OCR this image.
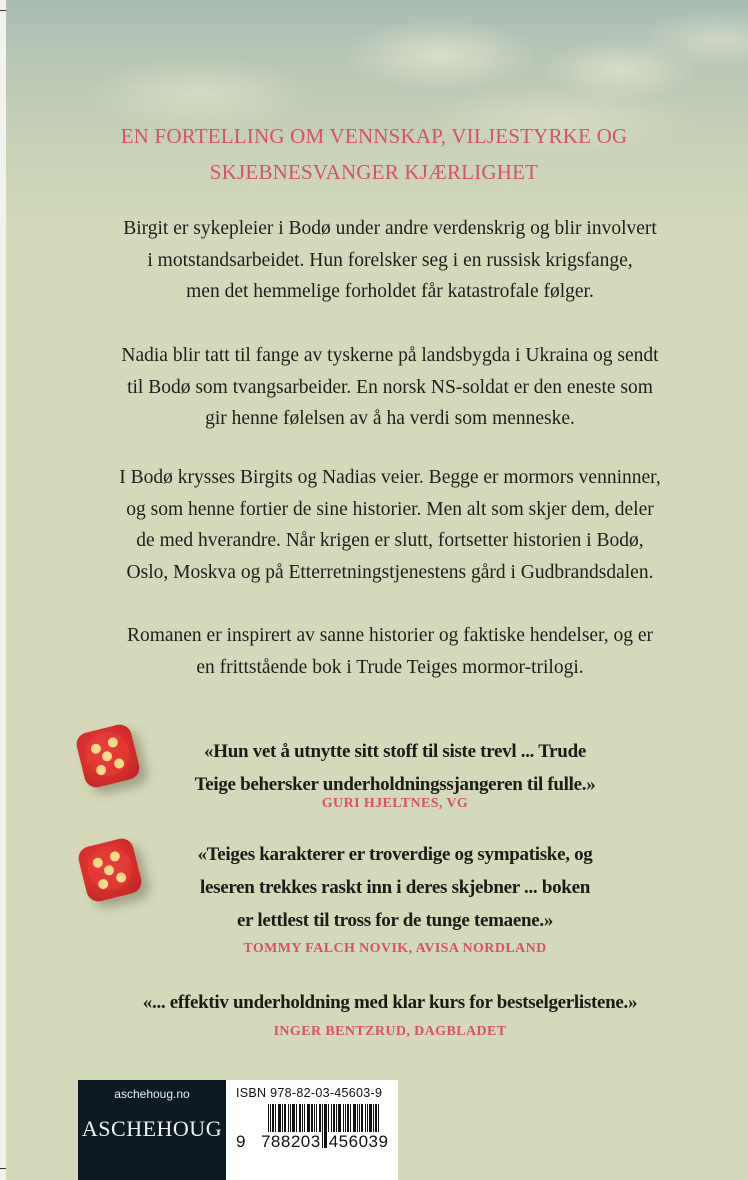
EN FORTELLING OM VENNSKAP, VILJESTYRKE OG
SKJEBNESVANGER KJÆRLIGHET
Birgit er sykepleier i Bodø under andre verdenskrig og blir involvert
i motstandsarbeidet. Hun forelsker seg i en russisk krigsfange,
men det hemmelige forholdet får katastrofale følger.
Nadia blir tatt til fange av tyskerne på landsbygda i Ukraina og sendt
til Bodø som tvangsarbeider. En norsk NS-soldat er den eneste som
gir henne følelsen av å ha verdi som menneske.
I Bodø krysses Birgits og Nadias veier. Begge er mormors venninner,
og som henne fortier de sine historier. Men alt som skjer dem, deler
de med hverandre. Når krigen er slutt, fortsetter historien i Bodø,
Oslo, Moskva og på Etterretningstjenestens gård i Gudbrandsdalen.
Romanen er inspirert av sanne historier og faktiske hendelser, og er
en frittstående bok i Trude Teiges mormor-trilogi.
«Hun vet å utnytte sitt stoff til siste trevl ... Trude
Teige behersker underholdningssjangeren til fulle.»
GURI HJELTNES, VG
«Teiges karakterer er troverdige og sympatiske, og
leseren trekkes raskt inn i deres skjebner ... boken
er lettlest til tross for de tunge temaene.»
TOMMY FALCH NOVIK, AVISA NORDLAND
«... effektiv underholdning med klar kurs for bestselgerlistene.»
INGER BENTZRUD, DAGBLADET
aschehoug.no
ASCHEHOUG
ISBN 978-82-03-45603-9
9 788203 456039
